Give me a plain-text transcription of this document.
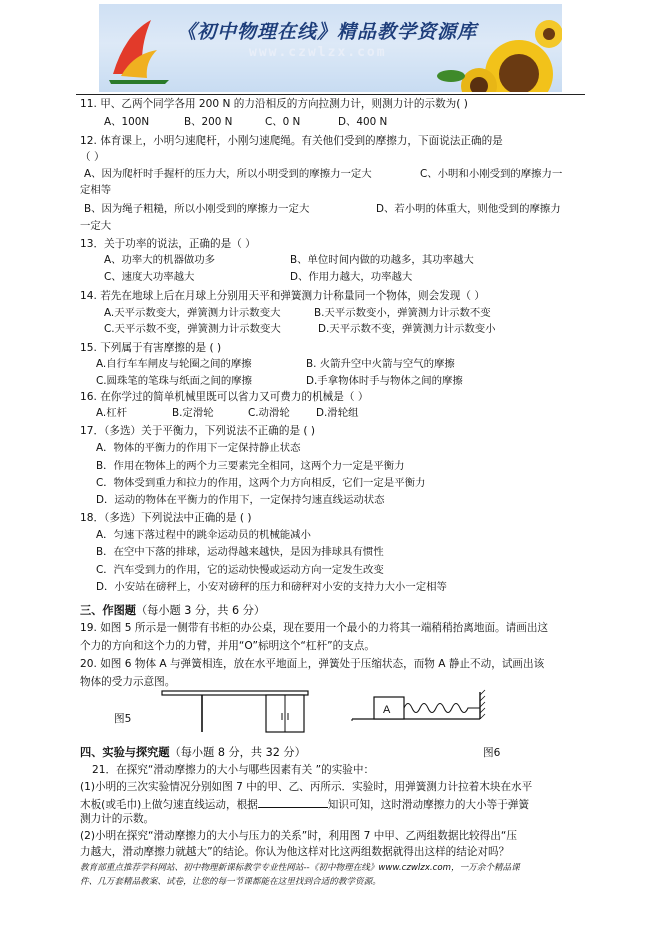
《初中物理在线》精品教学资源库
www.czwlzx.com
11. 甲、乙两个同学各用 200 N 的力沿相反的方向拉测力计，则测力计的示数为( )
A、100N	B、200 N	C、0 N	D、400 N
12. 体育课上，小明匀速爬杆，小刚匀速爬绳。有关他们受到的摩擦力，下面说法正确的是
（ ）
A、因为爬杆时手握杆的压力大，所以小明受到的摩擦力一定大	C、小明和小刚受到的摩擦力一
定相等
B、因为绳子粗糙，所以小刚受到的摩擦力一定大	D、若小明的体重大，则他受到的摩擦力
一定大
13．关于功率的说法，正确的是（ ）
A、功率大的机器做功多	B、单位时间内做的功越多，其功率越大
C、速度大功率越大	D、作用力越大，功率越大
14. 若先在地球上后在月球上分别用天平和弹簧测力计称量同一个物体，则会发现（ ）
A.天平示数变大，弹簧测力计示数变大	B.天平示数变小，弹簧测力计示数不变
C.天平示数不变，弹簧测力计示数变大	D.天平示数不变，弹簧测力计示数变小
15. 下列属于有害摩擦的是 ( )
A.自行车车闸皮与轮圈之间的摩擦	B. 火箭升空中火箭与空气的摩擦
C.圆珠笔的笔珠与纸面之间的摩擦	D.手拿物体时手与物体之间的摩擦
16. 在你学过的简单机械里既可以省力又可费力的机械是（ ）
A.杠杆	B.定滑轮	C.动滑轮	D.滑轮组
17．（多选）关于平衡力，下列说法不正确的是 ( )
A．物体的平衡力的作用下一定保持静止状态
B．作用在物体上的两个力三要素完全相同，这两个力一定是平衡力
C．物体受到重力和拉力的作用，这两个力方向相反，它们一定是平衡力
D．运动的物体在平衡力的作用下，一定保持匀速直线运动状态
18．（多选）下列说法中正确的是 ( )
A．匀速下落过程中的跳伞运动员的机械能减小
B．在空中下落的排球，运动得越来越快，是因为排球具有惯性
C．汽车受到力的作用，它的运动快慢或运动方向一定发生改变
D．小安站在磅秤上，小安对磅秤的压力和磅秤对小安的支持力大小一定相等
三、作图题（每小题 3 分，共 6 分）
19. 如图 5 所示是一侧带有书柜的办公桌，现在要用一个最小的力将其一端稍稍抬离地面。请画出这
个力的方向和这个力的力臂，并用“O”标明这个“杠杆”的支点。
20. 如图 6 物体 A 与弹簧相连，放在水平地面上，弹簧处于压缩状态，而物 A 静止不动，试画出该
物体的受力示意图。
图5
A
四、实验与探究题（每小题 8 分，共 32 分）	图6
21．在探究“滑动摩擦力的大小与哪些因素有关 ”的实验中：
(1)小明的三次实验情况分别如图 7 中的甲、乙、丙所示．实验时，用弹簧测力计拉着木块在水平
木板(或毛巾)上做匀速直线运动，根据	知识可知，这时滑动摩擦力的大小等于弹簧
测力计的示数。
(2)小明在探究“滑动摩擦力的大小与压力的关系”时，利用图 7 中甲、乙两组数据比较得出“压
力越大，滑动摩擦力就越大”的结论。你认为他这样对比这两组数据就得出这样的结论对吗？
教育部重点推荐学科网站、初中物理新课标教学专业性网站--《初中物理在线》www.czwlzx.com，一万余个精品课
件、几万套精品教案、试卷，让您的每一节课都能在这里找到合适的教学资源。
